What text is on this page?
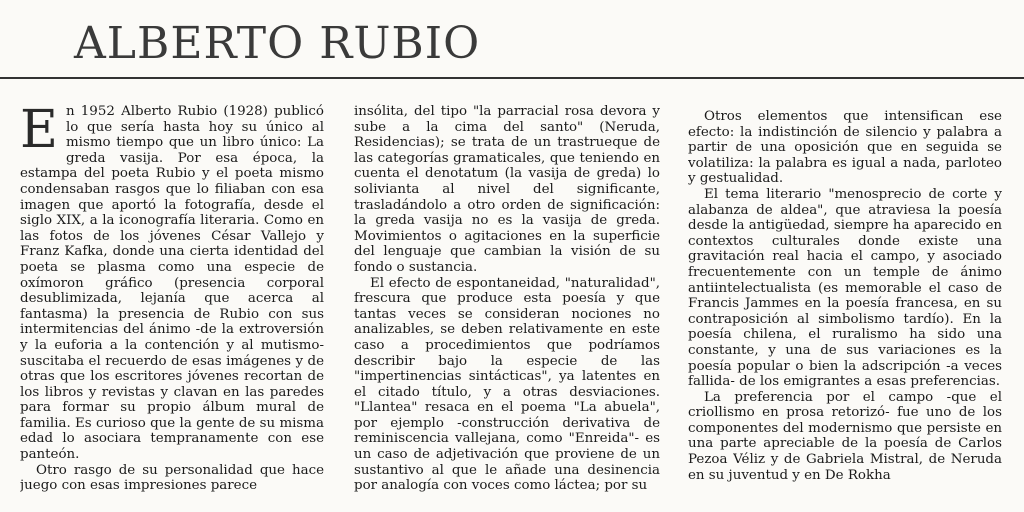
ALBERTO RUBIO

En 1952 Alberto Rubio (1928) publicó lo que sería hasta hoy su único al mismo tiempo que un libro único: La greda vasija. Por esa época, la estampa del poeta Rubio y el poeta mismo condensaban rasgos que lo filiaban con esa imagen que aportó la fotografía, desde el siglo XIX, a la iconografía literaria. Como en las fotos de los jóvenes César Vallejo y Franz Kafka, donde una cierta identidad del poeta se plasma como una especie de oxímoron gráfico (presencia corporal desublimizada, lejanía que acerca al fantasma) la presencia de Rubio con sus intermitencias del ánimo -de la extroversión y la euforia a la contención y al mutismo- suscitaba el recuerdo de esas imágenes y de otras que los escritores jóvenes recortan de los libros y revistas y clavan en las paredes para formar su propio álbum mural de familia. Es curioso que la gente de su misma edad lo asociara tempranamente con ese panteón.

Otro rasgo de su personalidad que hace juego con esas impresiones parece

insólita, del tipo "la parracial rosa devora y sube a la cima del santo" (Neruda, Residencias); se trata de un trastrueque de las categorías gramaticales, que teniendo en cuenta el denotatum (la vasija de greda) lo solivianta al nivel del significante, trasladándolo a otro orden de significación: la greda vasija no es la vasija de greda. Movimientos o agitaciones en la superficie del lenguaje que cambian la visión de su fondo o sustancia.

El efecto de espontaneidad, "naturalidad", frescura que produce esta poesía y que tantas veces se consideran nociones no analizables, se deben relativamente en este caso a procedimientos que podríamos describir bajo la especie de las "impertinencias sintácticas", ya latentes en el citado título, y a otras desviaciones. "Llantea" resaca en el poema "La abuela", por ejemplo -construcción derivativa de reminiscencia vallejana, como "Enreida"- es un caso de adjetivación que proviene de un sustantivo al que le añade una desinencia por analogía con voces como láctea; por su

Otros elementos que intensifican ese efecto: la indistinción de silencio y palabra a partir de una oposición que en seguida se volatiliza: la palabra es igual a nada, parloteo y gestualidad.

El tema literario "menosprecio de corte y alabanza de aldea", que atraviesa la poesía desde la antigüedad, siempre ha aparecido en contextos culturales donde existe una gravitación real hacia el campo, y asociado frecuentemente con un temple de ánimo antiintelectualista (es memorable el caso de Francis Jammes en la poesía francesa, en su contraposición al simbolismo tardío). En la poesía chilena, el ruralismo ha sido una constante, y una de sus variaciones es la poesía popular o bien la adscripción -a veces fallida- de los emigrantes a esas preferencias.

La preferencia por el campo -que el criollismo en prosa retorizó- fue uno de los componentes del modernismo que persiste en una parte apreciable de la poesía de Carlos Pezoa Véliz y de Gabriela Mistral, de Neruda en su juventud y en De Rokha
